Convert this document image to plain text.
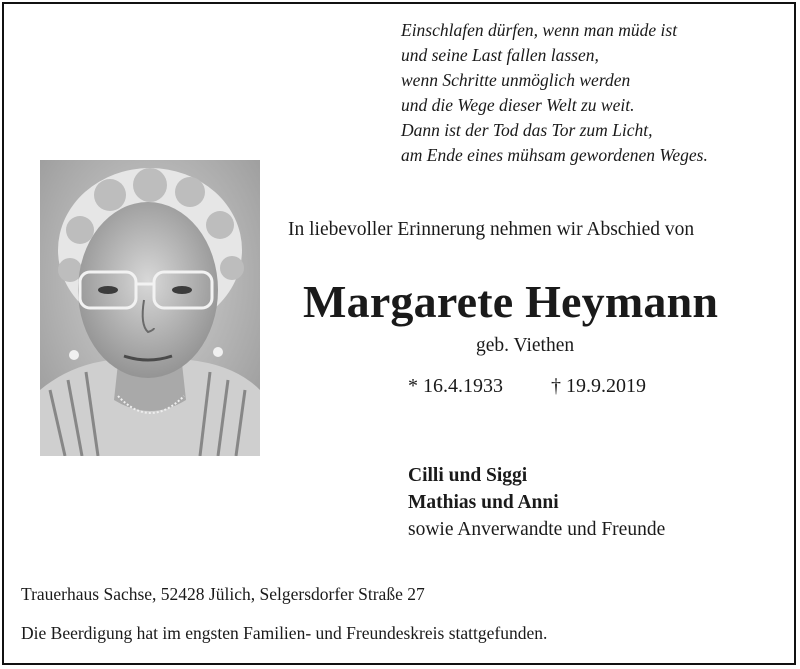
Einschlafen dürfen, wenn man müde ist
und seine Last fallen lassen,
wenn Schritte unmöglich werden
und die Wege dieser Welt zu weit.
Dann ist der Tod das Tor zum Licht,
am Ende eines mühsam gewordenen Weges.
In liebevoller Erinnerung nehmen wir Abschied von
Margarete Heymann
geb. Viethen
* 16.4.1933 † 19.9.2019
Cilli und Siggi
Mathias und Anni
sowie Anverwandte und Freunde
Trauerhaus Sachse, 52428 Jülich, Selgersdorfer Straße 27
Die Beerdigung hat im engsten Familien- und Freundeskreis stattgefunden.
